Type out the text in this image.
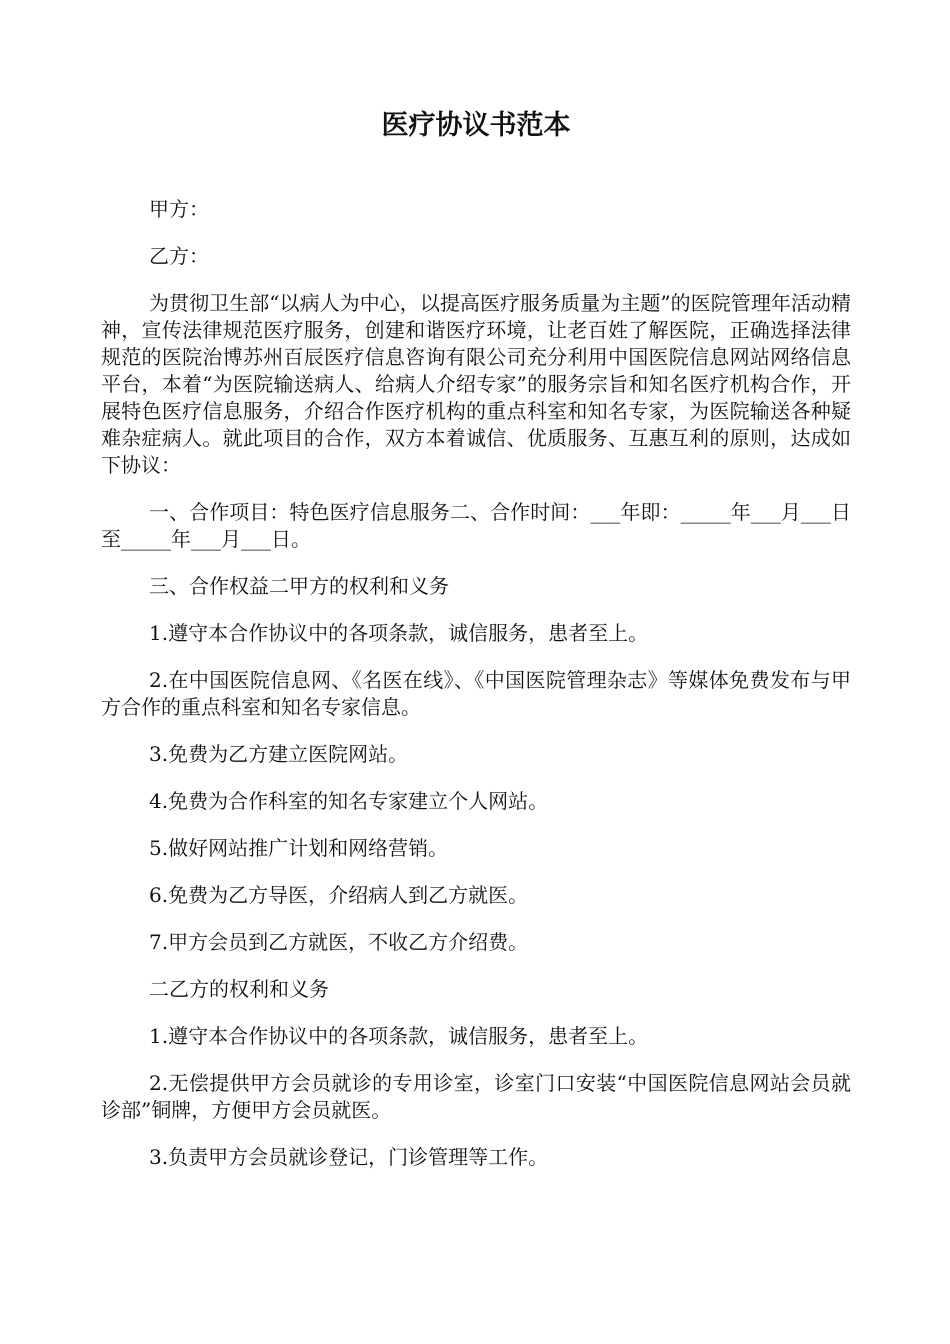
医疗协议书范本

甲方：

乙方：

为贯彻卫生部“以病人为中心，以提高医疗服务质量为主题”的医院管理年活动精神，宣传法律规范医疗服务，创建和谐医疗环境，让老百姓了解医院，正确选择法律规范的医院治博苏州百辰医疗信息咨询有限公司充分利用中国医院信息网站网络信息平台，本着“为医院输送病人、给病人介绍专家”的服务宗旨和知名医疗机构合作，开展特色医疗信息服务，介绍合作医疗机构的重点科室和知名专家，为医院输送各种疑难杂症病人。就此项目的合作，双方本着诚信、优质服务、互惠互利的原则，达成如下协议：

一、合作项目：特色医疗信息服务二、合作时间：___年即：_____年___月___日至_____年___月___日。

三、合作权益二甲方的权利和义务

1.遵守本合作协议中的各项条款，诚信服务，患者至上。

2.在中国医院信息网、《名医在线》、《中国医院管理杂志》等媒体免费发布与甲方合作的重点科室和知名专家信息。

3.免费为乙方建立医院网站。

4.免费为合作科室的知名专家建立个人网站。

5.做好网站推广计划和网络营销。

6.免费为乙方导医，介绍病人到乙方就医。

7.甲方会员到乙方就医，不收乙方介绍费。

二乙方的权利和义务

1.遵守本合作协议中的各项条款，诚信服务，患者至上。

2.无偿提供甲方会员就诊的专用诊室，诊室门口安装“中国医院信息网站会员就诊部”铜牌，方便甲方会员就医。

3.负责甲方会员就诊登记，门诊管理等工作。
